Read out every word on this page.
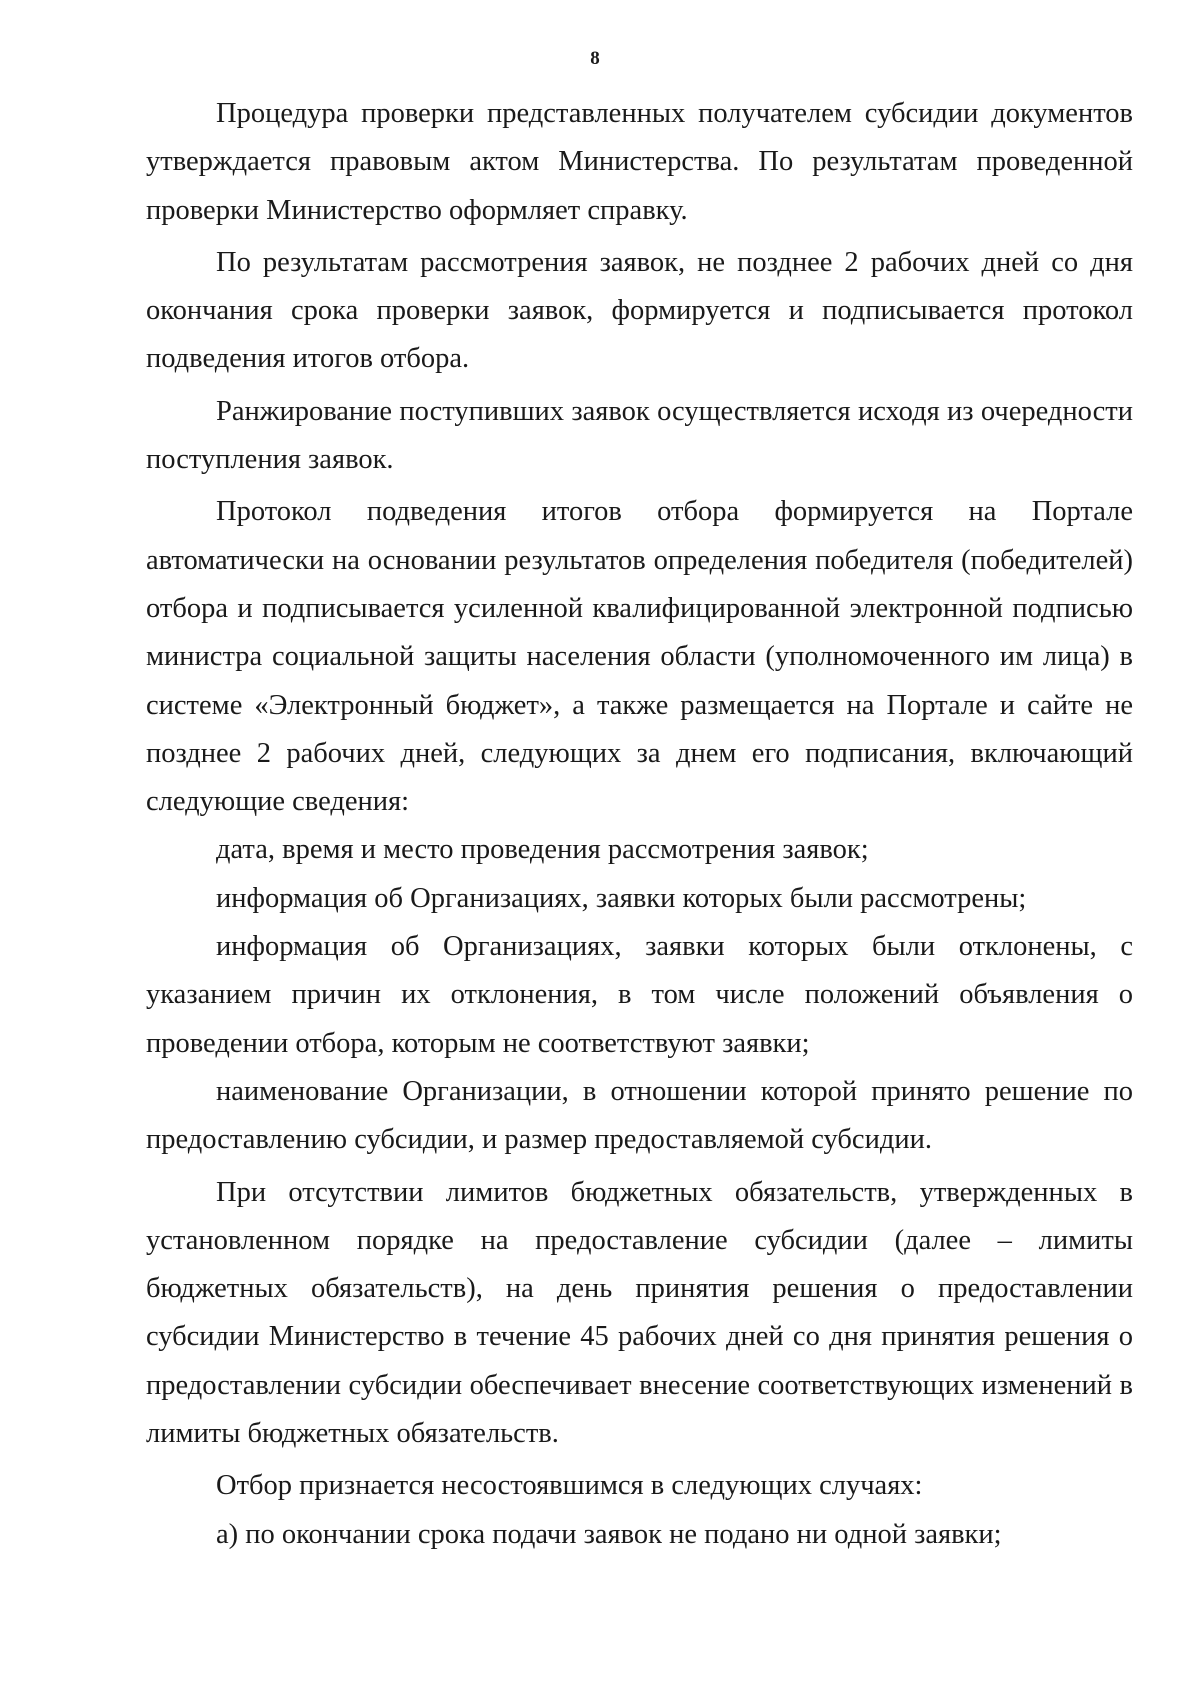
8

Процедура проверки представленных получателем субсидии документов утверждается правовым актом Министерства. По результатам проведенной проверки Министерство оформляет справку.

По результатам рассмотрения заявок, не позднее 2 рабочих дней со дня окончания срока проверки заявок, формируется и подписывается протокол подведения итогов отбора.

Ранжирование поступивших заявок осуществляется исходя из очередности поступления заявок.

Протокол подведения итогов отбора формируется на Портале автоматически на основании результатов определения победителя (победителей) отбора и подписывается усиленной квалифицированной электронной подписью министра социальной защиты населения области (уполномоченного им лица) в системе «Электронный бюджет», а также размещается на Портале и сайте не позднее 2 рабочих дней, следующих за днем его подписания, включающий следующие сведения:

дата, время и место проведения рассмотрения заявок;

информация об Организациях, заявки которых были рассмотрены;

информация об Организациях, заявки которых были отклонены, с указанием причин их отклонения, в том числе положений объявления о проведении отбора, которым не соответствуют заявки;

наименование Организации, в отношении которой принято решение по предоставлению субсидии, и размер предоставляемой субсидии.

При отсутствии лимитов бюджетных обязательств, утвержденных в установленном порядке на предоставление субсидии (далее – лимиты бюджетных обязательств), на день принятия решения о предоставлении субсидии Министерство в течение 45 рабочих дней со дня принятия решения о предоставлении субсидии обеспечивает внесение соответствующих изменений в лимиты бюджетных обязательств.

Отбор признается несостоявшимся в следующих случаях:

а) по окончании срока подачи заявок не подано ни одной заявки;
